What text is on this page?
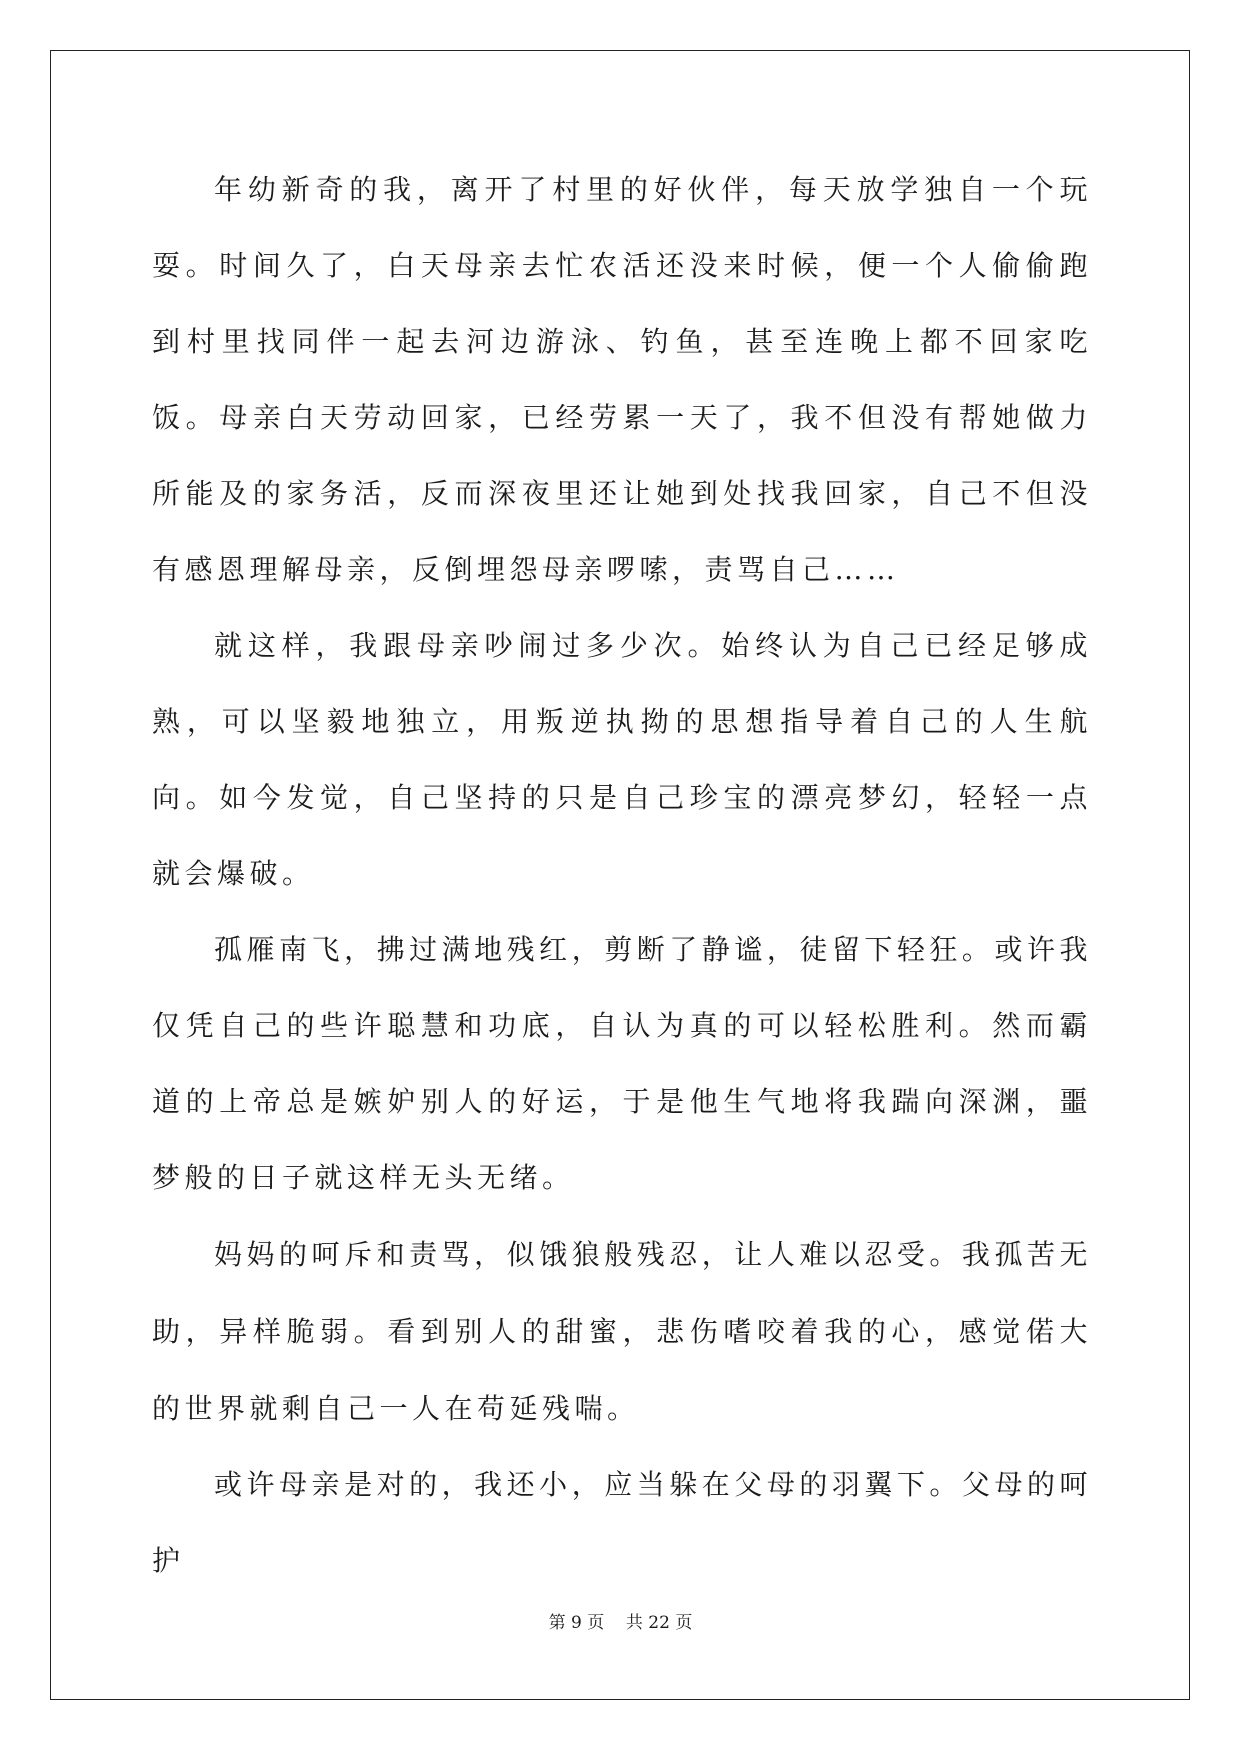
年幼新奇的我，离开了村里的好伙伴，每天放学独自一个玩耍。时间久了，白天母亲去忙农活还没来时候，便一个人偷偷跑到村里找同伴一起去河边游泳、钓鱼，甚至连晚上都不回家吃饭。母亲白天劳动回家，已经劳累一天了，我不但没有帮她做力所能及的家务活，反而深夜里还让她到处找我回家，自己不但没有感恩理解母亲，反倒埋怨母亲啰嗦，责骂自己……

就这样，我跟母亲吵闹过多少次。始终认为自己已经足够成熟，可以坚毅地独立，用叛逆执拗的思想指导着自己的人生航向。如今发觉，自己坚持的只是自己珍宝的漂亮梦幻，轻轻一点就会爆破。

孤雁南飞，拂过满地残红，剪断了静谧，徒留下轻狂。或许我仅凭自己的些许聪慧和功底，自认为真的可以轻松胜利。然而霸道的上帝总是嫉妒别人的好运，于是他生气地将我踹向深渊，噩梦般的日子就这样无头无绪。

妈妈的呵斥和责骂，似饿狼般残忍，让人难以忍受。我孤苦无助，异样脆弱。看到别人的甜蜜，悲伤嗜咬着我的心，感觉偌大的世界就剩自己一人在苟延残喘。

或许母亲是对的，我还小，应当躲在父母的羽翼下。父母的呵护

第 9 页    共 22 页
